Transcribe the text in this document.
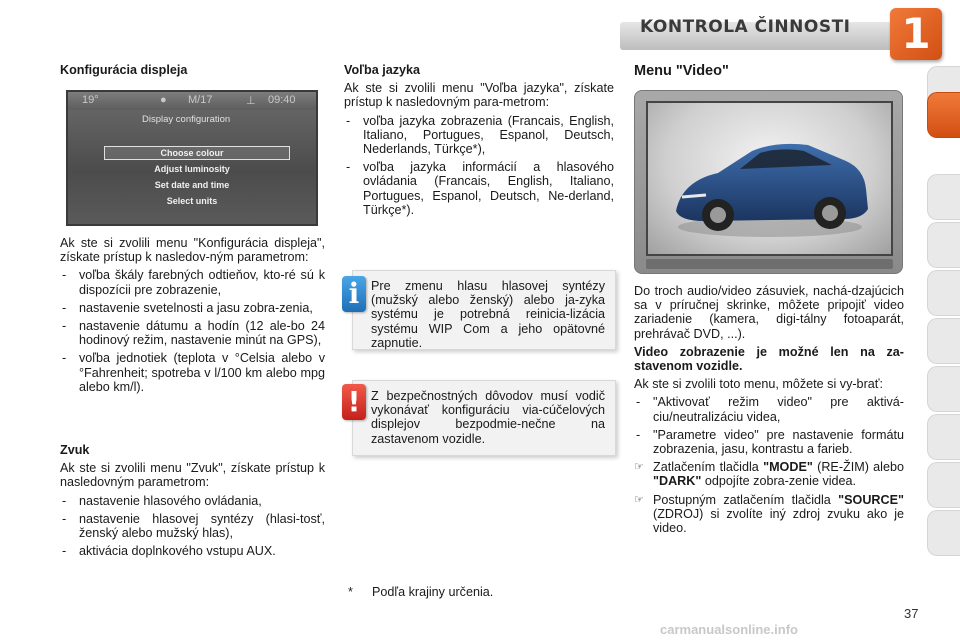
KONTROLA ČINNOSTI 1
Konfigurácia displeja
19°	● М/17	⊥ 09:40
Display configuration
Choose colour
Adjust luminosity
Set date and time
Select units

Ak ste si zvolili menu "Konfigurácia displeja", získate prístup k nasledov-ným parametrom:

- voľba škály farebných odtieňov, kto-ré sú k dispozícii pre zobrazenie,
- nastavenie svetelnosti a jasu zobra-zenia,
- nastavenie dátumu a hodín (12 ale-bo 24 hodinový režim, nastavenie minút na GPS),
- voľba jednotiek (teplota v °Celsia alebo v °Fahrenheit; spotreba v l/100 km alebo mpg alebo km/l).

Zvuk

Ak ste si zvolili menu "Zvuk", získate prístup k nasledovným parametrom:

- nastavenie hlasového ovládania,
- nastavenie hlasovej syntézy (hlasi-tosť, ženský alebo mužský hlas),
- aktivácia doplnkového vstupu AUX.

Voľba jazyka

Ak ste si zvolili menu "Voľba jazyka", získate prístup k nasledovným para-metrom:

- voľba jazyka zobrazenia (Francais, English, Italiano, Portugues, Espanol, Deutsch, Nederlands, Türkçe*),
- voľba jazyka informácií a hlasového ovládania (Francais, English, Italiano, Portugues, Espanol, Deutsch, Ne-derland, Türkçe*).
Pre zmenu hlasu hlasovej syntézy (mužský alebo ženský) alebo ja-zyka systému je potrebná reinicia-lizácia systému WIP Com a jeho opätovné zapnutie.
i
Z bezpečnostných dôvodov musí vodič vykonávať konfiguráciu via-cúčelových displejov bezpodmie-nečne na zastavenom vozidle.
!
Menu "Video"

Do troch audio/video zásuviek, nachá-dzajúcich sa v príručnej skrinke, môžete pripojiť video zariadenie (kamera, digi-tálny fotoaparát, prehrávač DVD, ...).

Video zobrazenie je možné len na za-stavenom vozidle.

Ak ste si zvolili toto menu, môžete si vy-brať:

- "Aktivovať režim video" pre aktivá-ciu/neutralizáciu videa,
- "Parametre video" pre nastavenie formátu zobrazenia, jasu, kontrastu a farieb.
☞ Zatlačením tlačidla "MODE" (RE-ŽIM) alebo "DARK" odpojíte zobra-zenie videa.
☞ Postupným zatlačením tlačidla "SOURCE" (ZDROJ) si zvolíte iný zdroj zvuku ako je video.
* Podľa krajiny určenia.
37
carmanualsonline.info
